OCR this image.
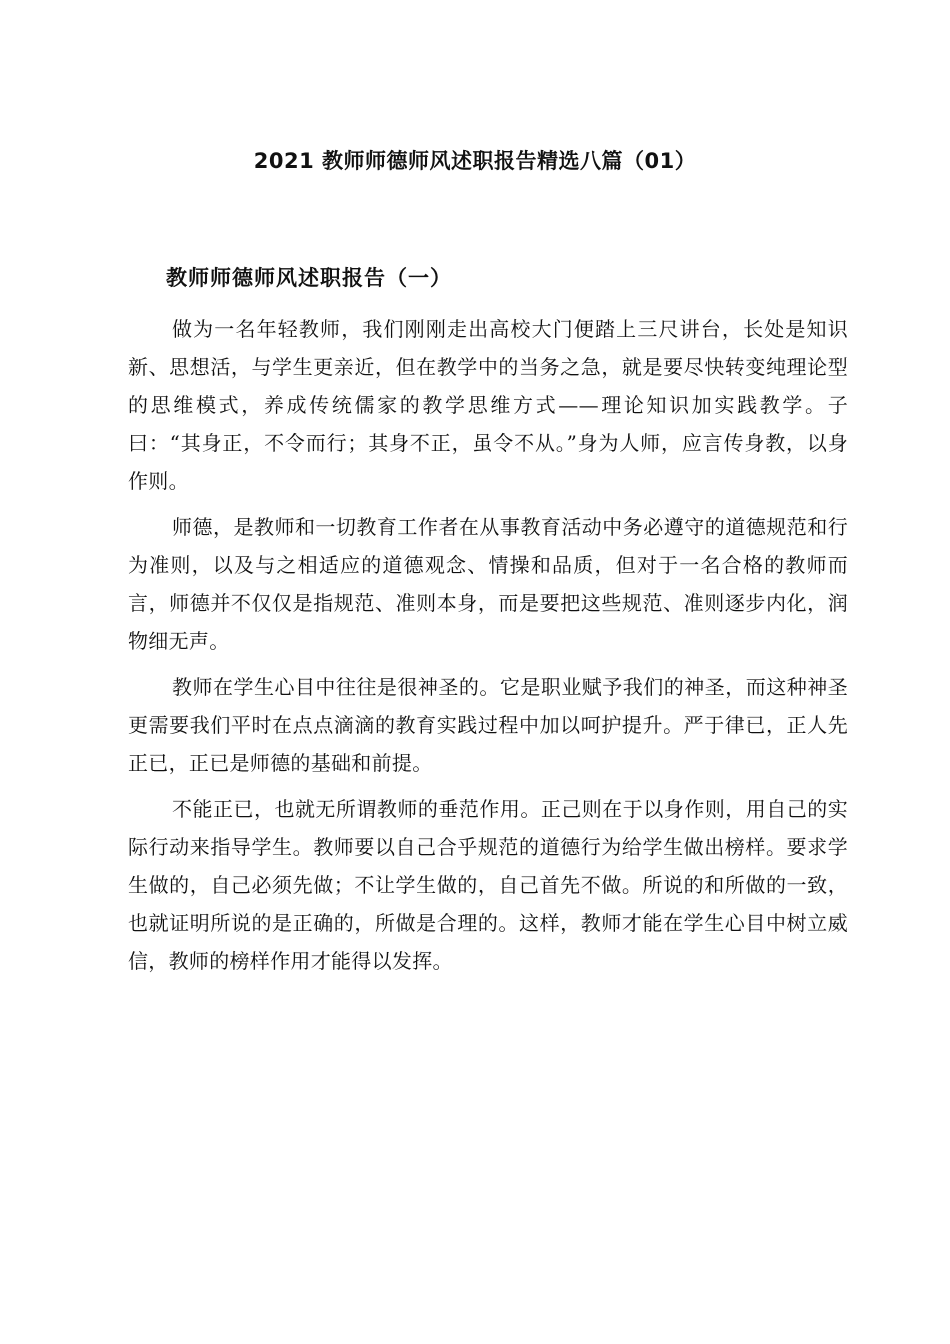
2021 教师师德师风述职报告精选八篇（01）
教师师德师风述职报告（一）

做为一名年轻教师，我们刚刚走出高校大门便踏上三尺讲台，长处是知识新、思想活，与学生更亲近，但在教学中的当务之急，就是要尽快转变纯理论型的思维模式，养成传统儒家的教学思维方式——理论知识加实践教学。子曰：“其身正，不令而行；其身不正，虽令不从。”身为人师，应言传身教，以身作则。

师德，是教师和一切教育工作者在从事教育活动中务必遵守的道德规范和行为准则，以及与之相适应的道德观念、情操和品质，但对于一名合格的教师而言，师德并不仅仅是指规范、准则本身，而是要把这些规范、准则逐步内化，润物细无声。

教师在学生心目中往往是很神圣的。它是职业赋予我们的神圣，而这种神圣更需要我们平时在点点滴滴的教育实践过程中加以呵护提升。严于律已，正人先正已，正已是师德的基础和前提。

不能正已，也就无所谓教师的垂范作用。正己则在于以身作则，用自己的实际行动来指导学生。教师要以自己合乎规范的道德行为给学生做出榜样。要求学生做的，自己必须先做；不让学生做的，自己首先不做。所说的和所做的一致，也就证明所说的是正确的，所做是合理的。这样，教师才能在学生心目中树立威信，教师的榜样作用才能得以发挥。
